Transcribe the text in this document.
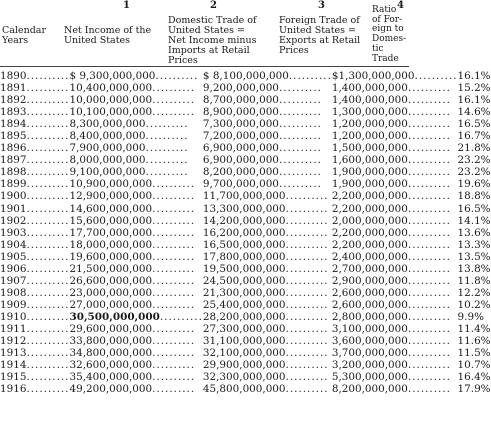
1	2	3	4
Calendar
Years
Net Income of the
United States
Domestic Trade of
United States =
Net Income minus
Imports at Retail
Prices
Foreign Trade of
United States =
Exports at Retail
Prices
Ratio
of For-
eign to
Domes-
tic
Trade
1890..........	$ 9,300,000,000..........	$ 8,100,000,000..........	$1,300,000,000..........	16.1%
1891..........	10,400,000,000..........	9,200,000,000..........	1,400,000,000..........	15.2%
1892..........	10,000,000,000..........	8,700,000,000..........	1,400,000,000..........	16.1%
1893..........	10,100,000,000..........	8,900,000,000..........	1,300,000,000..........	14.6%
1894..........	8,300,000,000..........	7,300,000,000..........	1,200,000,000..........	16.5%
1895..........	8,400,000,000..........	7,200,000,000..........	1,200,000,000..........	16.7%
1896..........	7,900,000,000..........	6,900,000,000..........	1,500,000,000..........	21.8%
1897..........	8,000,000,000..........	6,900,000,000..........	1,600,000,000..........	23.2%
1898..........	9,100,000,000..........	8,200,000,000..........	1,900,000,000..........	23.2%
1899..........	10,900,000,000..........	9,700,000,000..........	1,900,000,000..........	19.6%
1900..........	12,900,000,000..........	11,700,000,000..........	2,200,000,000..........	18.8%
1901..........	14,600,000,000..........	13,300,000,000..........	2,200,000,000..........	16.5%
1902..........	15,600,000,000..........	14,200,000,000..........	2,000,000,000..........	14.1%
1903..........	17,700,000,000..........	16,200,000,000..........	2,200,000,000..........	13.6%
1904..........	18,000,000,000..........	16,500,000,000..........	2,200,000,000..........	13.3%
1905..........	19,600,000,000..........	17,800,000,000..........	2,400,000,000..........	13.5%
1906..........	21,500,000,000..........	19,500,000,000..........	2,700,000,000..........	13.8%
1907..........	26,600,000,000..........	24,500,000,000..........	2,900,000,000..........	11.8%
1908..........	23,000,000,000..........	21,300,000,000..........	2,600,000,000..........	12.2%
1909..........	27,000,000,000..........	25,400,000,000..........	2,600,000,000..........	10.2%
1910..........	30,500,000,000..........	28,200,000,000..........	2,800,000,000..........	9.9%
1911..........	29,600,000,000..........	27,300,000,000..........	3,100,000,000..........	11.4%
1912..........	33,800,000,000..........	31,100,000,000..........	3,600,000,000..........	11.6%
1913..........	34,800,000,000..........	32,100,000,000..........	3,700,000,000..........	11.5%
1914..........	32,600,000,000..........	29,900,000,000..........	3,200,000,000..........	10.7%
1915..........	35,400,000,000..........	32,300,000,000..........	5,300,000,000..........	16.4%
1916..........	49,200,000,000..........	45,800,000,000..........	8,200,000,000..........	17.9%
